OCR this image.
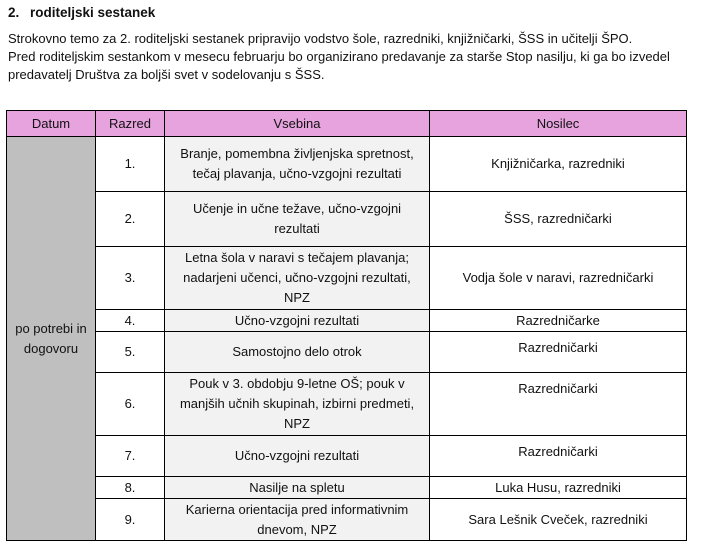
2. roditeljski sestanek

Strokovno temo za 2. roditeljski sestanek pripravijo vodstvo šole, razredniki, knjižničarki, ŠSS in učitelji ŠPO.

Pred roditeljskim sestankom v mesecu februarju bo organizirano predavanje za starše Stop nasilju, ki ga bo izvedel predavatelj Društva za boljši svet v sodelovanju s ŠSS.

Datum	Razred	Vsebina	Nosilec
po potrebi in dogovoru	1.	Branje, pomembna življenjska spretnost, tečaj plavanja, učno-vzgojni rezultati	Knjižničarka, razredniki
	2.	Učenje in učne težave, učno-vzgojni rezultati	ŠSS, razredničarki
	3.	Letna šola v naravi s tečajem plavanja; nadarjeni učenci, učno-vzgojni rezultati, NPZ	Vodja šole v naravi, razredničarki
	4.	Učno-vzgojni rezultati	Razredničarke
	5.	Samostojno delo otrok	Razredničarki
	6.	Pouk v 3. obdobju 9-letne OŠ; pouk v manjših učnih skupinah, izbirni predmeti, NPZ	Razredničarki
	7.	Učno-vzgojni rezultati	Razredničarki
	8.	Nasilje na spletu	Luka Husu, razredniki
	9.	Karierna orientacija pred informativnim dnevom, NPZ	Sara Lešnik Cveček, razredniki
